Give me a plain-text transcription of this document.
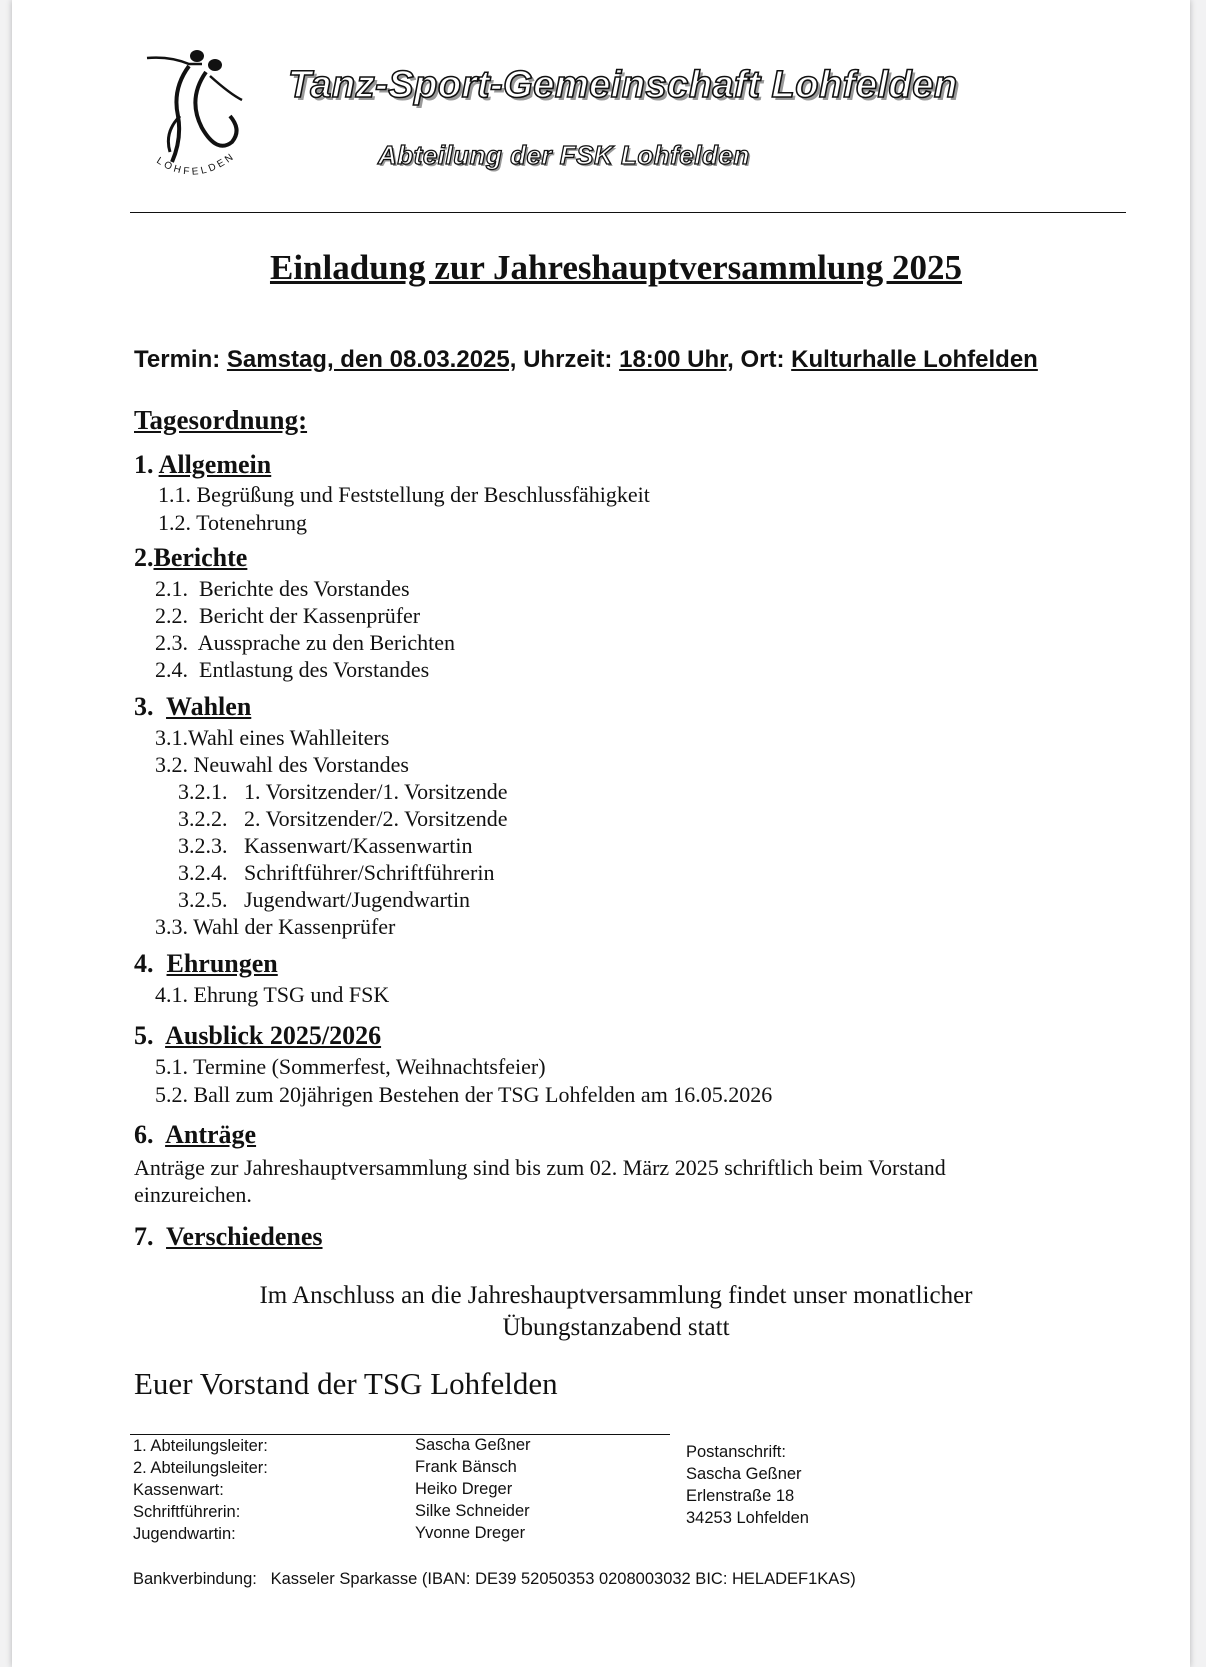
LOHFELDEN
Tanz-Sport-Gemeinschaft Lohfelden
Abteilung der FSK Lohfelden
Einladung zur Jahreshauptversammlung 2025
Termin: Samstag, den 08.03.2025, Uhrzeit: 18:00 Uhr, Ort: Kulturhalle Lohfelden
Tagesordnung:
1. Allgemein
1.1. Begrüßung und Feststellung der Beschlussfähigkeit
1.2. Totenehrung
2.Berichte
2.1. Berichte des Vorstandes
2.2. Bericht der Kassenprüfer
2.3. Aussprache zu den Berichten
2.4. Entlastung des Vorstandes
3. Wahlen
3.1.Wahl eines Wahlleiters
3.2. Neuwahl des Vorstandes
3.2.1. 1. Vorsitzender/1. Vorsitzende
3.2.2. 2. Vorsitzender/2. Vorsitzende
3.2.3. Kassenwart/Kassenwartin
3.2.4. Schriftführer/Schriftführerin
3.2.5. Jugendwart/Jugendwartin
3.3. Wahl der Kassenprüfer
4. Ehrungen
4.1. Ehrung TSG und FSK
5. Ausblick 2025/2026
5.1. Termine (Sommerfest, Weihnachtsfeier)
5.2. Ball zum 20jährigen Bestehen der TSG Lohfelden am 16.05.2026
6. Anträge
Anträge zur Jahreshauptversammlung sind bis zum 02. März 2025 schriftlich beim Vorstand
einzureichen.
7. Verschiedenes
Im Anschluss an die Jahreshauptversammlung findet unser monatlicher
Übungstanzabend statt
Euer Vorstand der TSG Lohfelden
1. Abteilungsleiter:	Sascha Geßner
2. Abteilungsleiter:	Frank Bänsch
Kassenwart:	Heiko Dreger
Schriftführerin:	Silke Schneider
Jugendwartin:	Yvonne Dreger
Postanschrift:
Sascha Geßner
Erlenstraße 18
34253 Lohfelden
Bankverbindung: Kasseler Sparkasse (IBAN: DE39 52050353 0208003032 BIC: HELADEF1KAS)
